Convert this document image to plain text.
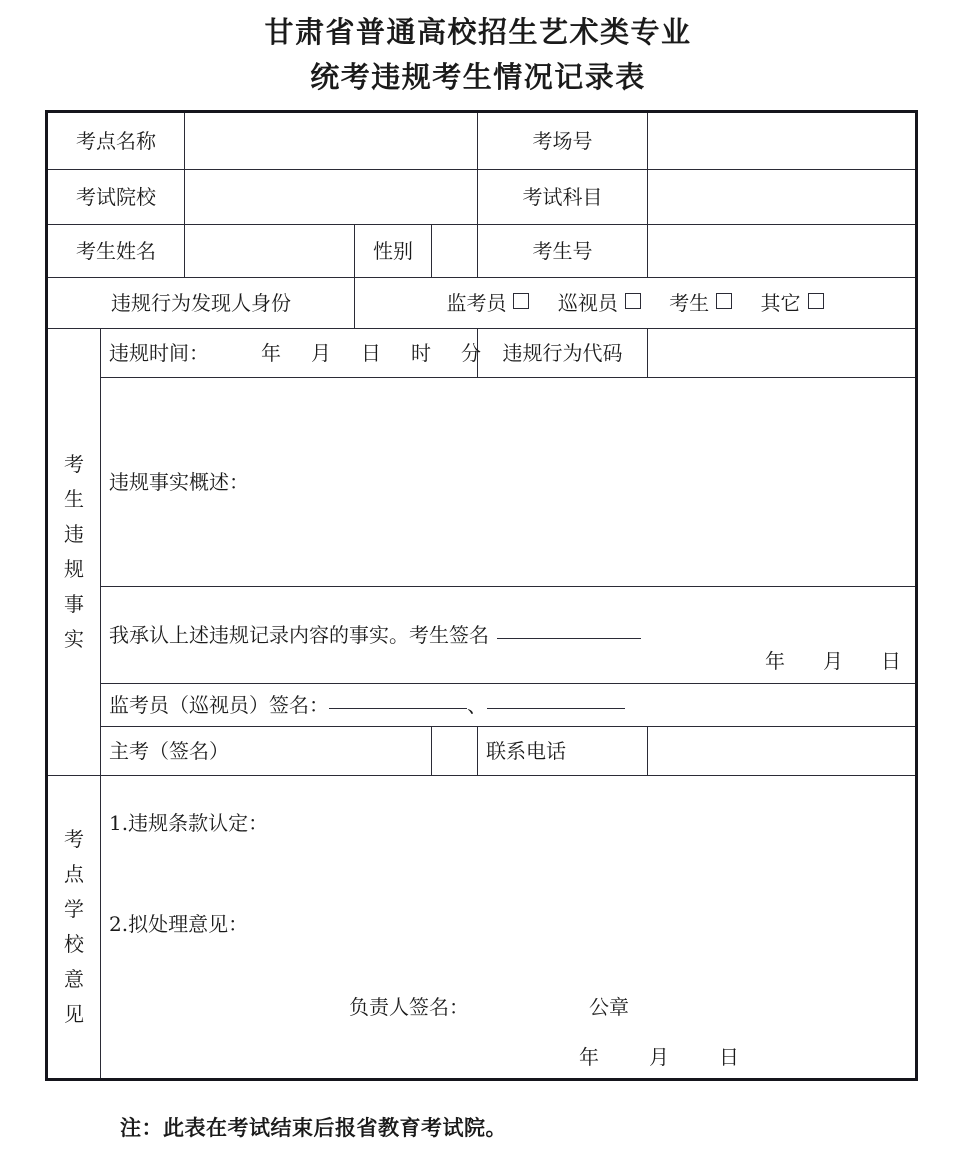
甘肃省普通高校招生艺术类专业
统考违规考生情况记录表
考点名称					考场号	
考试院校					考试科目	
考生姓名			性别		考生号	
违规行为发现人身份			监考员 巡视员 考生 其它			

考
生
违
规
事
实
	违规时间：	年 月 日 时 分	违规行为代码	

	违规事实概述：					

	我承认上述违规记录内容的事实。考生签名
年 月 日					

	监考员（巡视员）签名： 、					
	主考（签名）				联系电话	

考
点
学
校
意
见

1.违规条款认定：
2.拟处理意见：

	负责人签名： 公章
年 月 日					
注：此表在考试结束后报省教育考试院。
